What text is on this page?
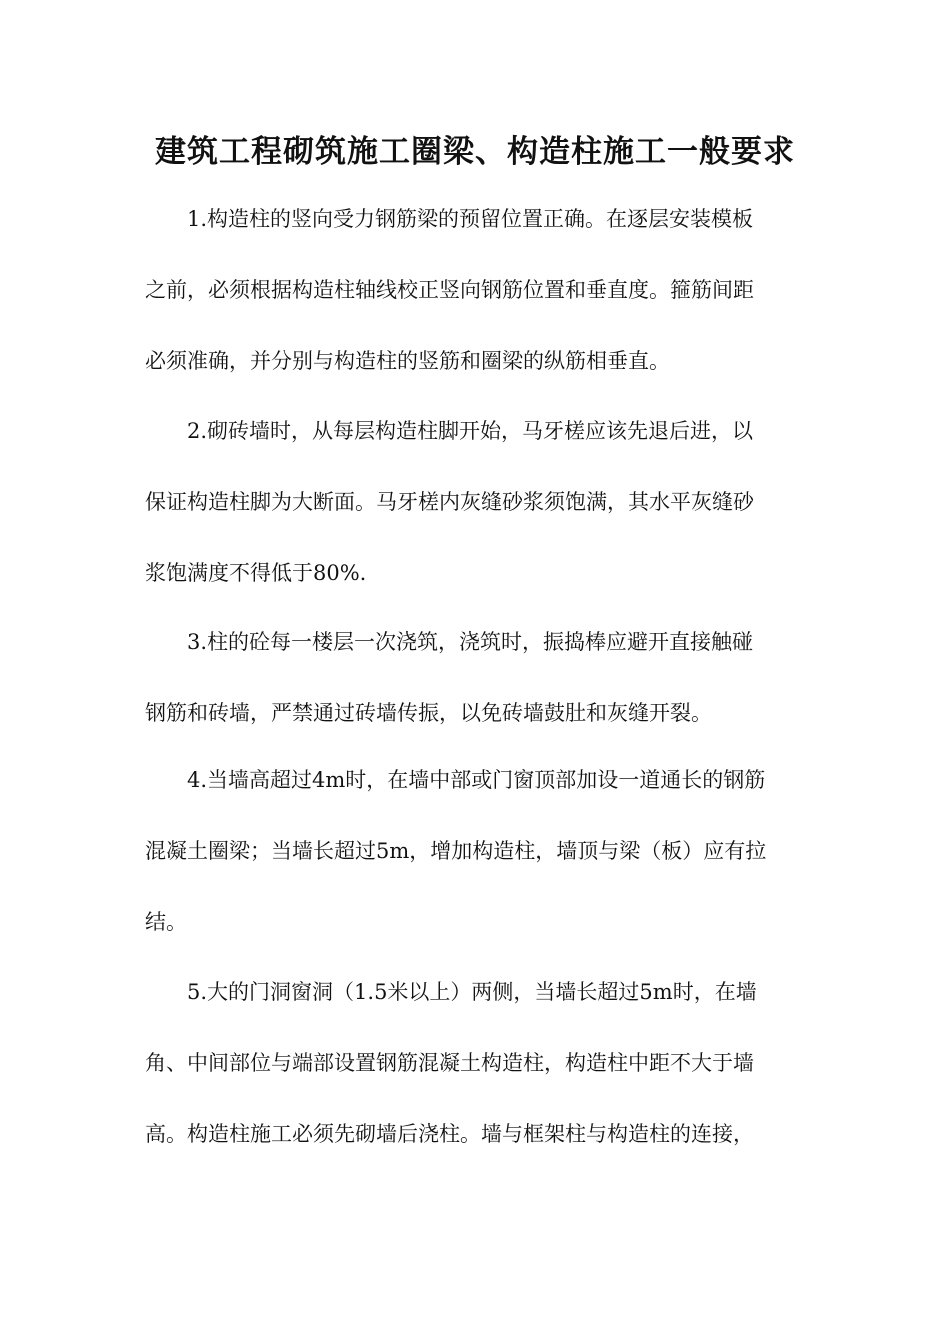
建筑工程砌筑施工圈梁、构造柱施工一般要求
1.构造柱的竖向受力钢筋梁的预留位置正确。在逐层安装模板
之前，必须根据构造柱轴线校正竖向钢筋位置和垂直度。箍筋间距
必须准确，并分别与构造柱的竖筋和圈梁的纵筋相垂直。
2.砌砖墙时，从每层构造柱脚开始，马牙槎应该先退后进，以
保证构造柱脚为大断面。马牙槎内灰缝砂浆须饱满，其水平灰缝砂
浆饱满度不得低于80%.
3.柱的砼每一楼层一次浇筑，浇筑时，振捣棒应避开直接触碰
钢筋和砖墙，严禁通过砖墙传振，以免砖墙鼓肚和灰缝开裂。
4.当墙高超过4m时，在墙中部或门窗顶部加设一道通长的钢筋
混凝土圈梁；当墙长超过5m，增加构造柱，墙顶与梁（板）应有拉
结。
5.大的门洞窗洞（1.5米以上）两侧，当墙长超过5m时，在墙
角、中间部位与端部设置钢筋混凝土构造柱，构造柱中距不大于墙
高。构造柱施工必须先砌墙后浇柱。墙与框架柱与构造柱的连接，
